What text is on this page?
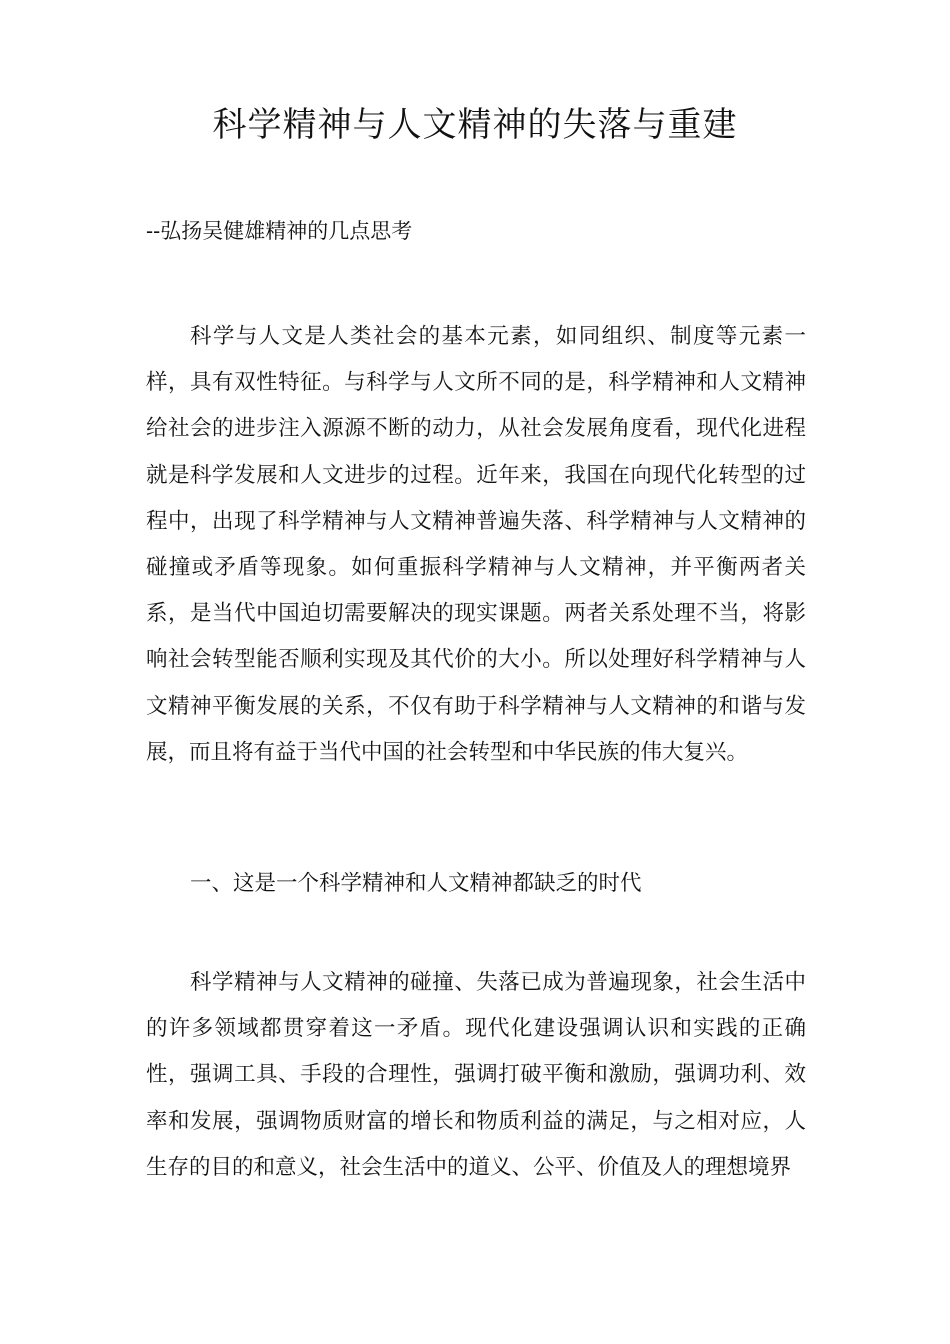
科学精神与人文精神的失落与重建

--弘扬吴健雄精神的几点思考

科学与人文是人类社会的基本元素，如同组织、制度等元素一样，具有双性特征。与科学与人文所不同的是，科学精神和人文精神给社会的进步注入源源不断的动力，从社会发展角度看，现代化进程就是科学发展和人文进步的过程。近年来，我国在向现代化转型的过程中，出现了科学精神与人文精神普遍失落、科学精神与人文精神的碰撞或矛盾等现象。如何重振科学精神与人文精神，并平衡两者关系，是当代中国迫切需要解决的现实课题。两者关系处理不当，将影响社会转型能否顺利实现及其代价的大小。所以处理好科学精神与人文精神平衡发展的关系，不仅有助于科学精神与人文精神的和谐与发展，而且将有益于当代中国的社会转型和中华民族的伟大复兴。

一、这是一个科学精神和人文精神都缺乏的时代

科学精神与人文精神的碰撞、失落已成为普遍现象，社会生活中的许多领域都贯穿着这一矛盾。现代化建设强调认识和实践的正确性，强调工具、手段的合理性，强调打破平衡和激励，强调功利、效率和发展，强调物质财富的增长和物质利益的满足，与之相对应，人生存的目的和意义，社会生活中的道义、公平、价值及人的理想境界
